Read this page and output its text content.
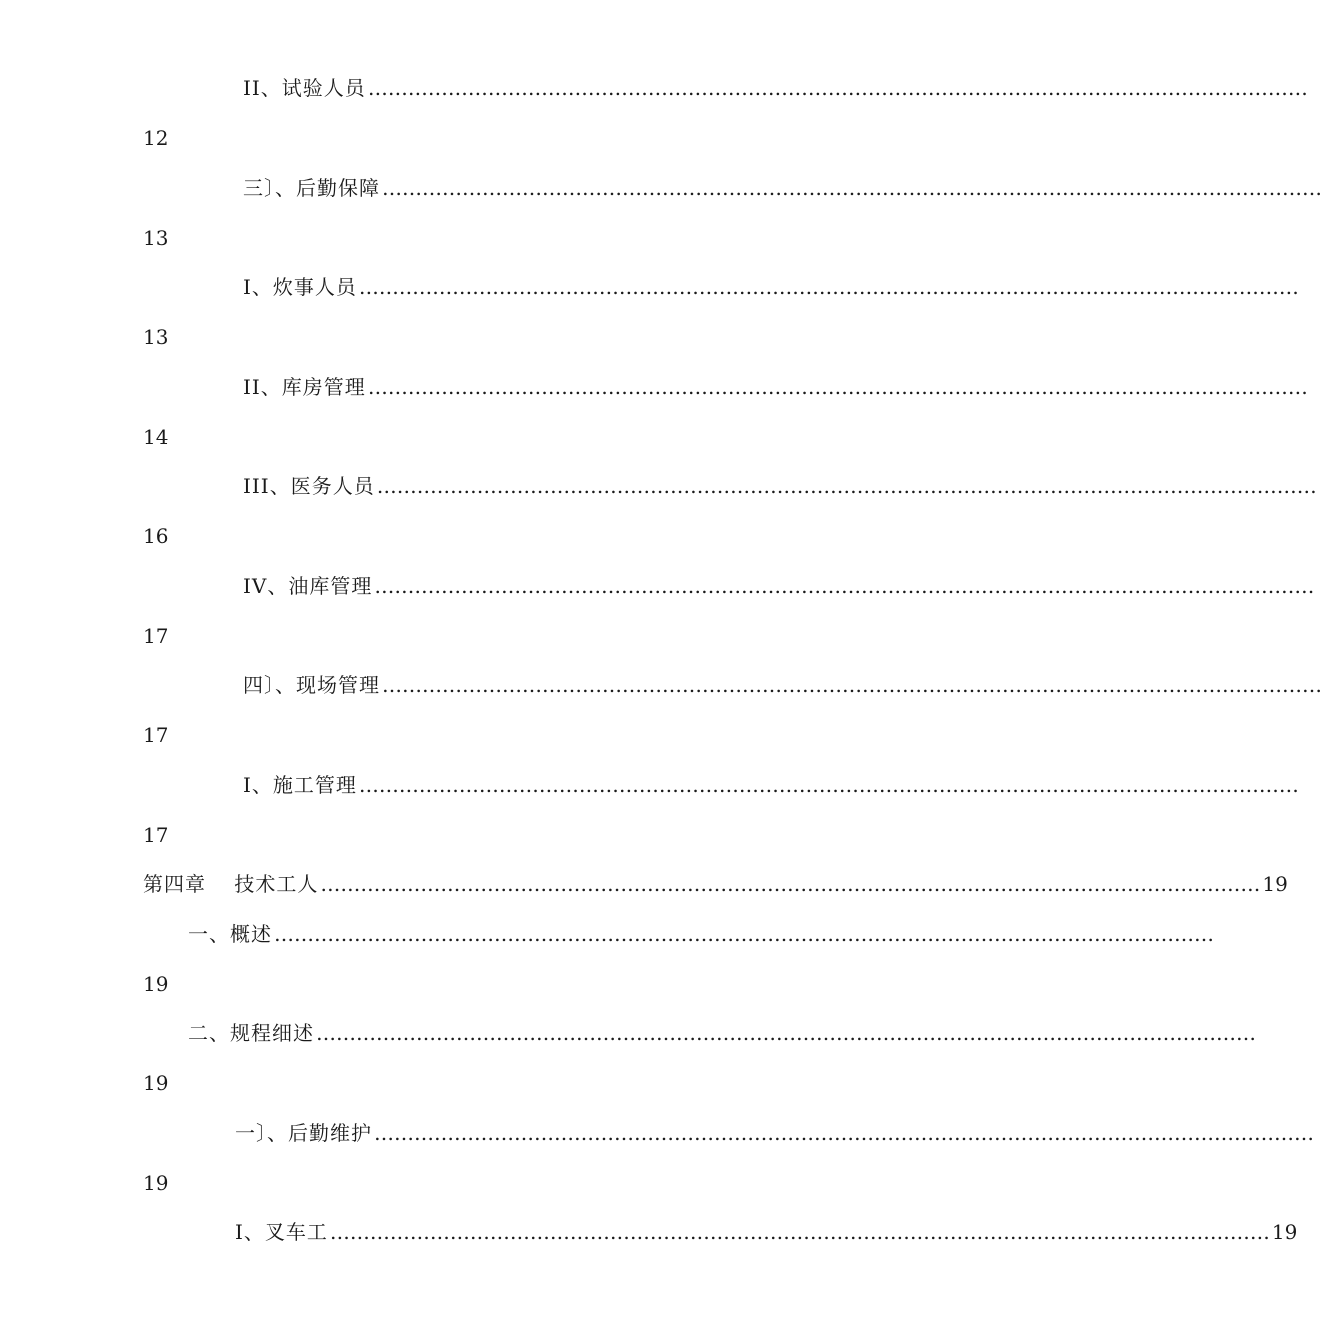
II、试验人员 ……………………………………………………………………………………………………………………………
12
三〕、后勤保障 ……………………………………………………………………………………………………………………………
13
I、炊事人员 ……………………………………………………………………………………………………………………………
13
II、库房管理 ……………………………………………………………………………………………………………………………
14
III、医务人员 ……………………………………………………………………………………………………………………………
16
IV、油库管理 ……………………………………………………………………………………………………………………………
17
四〕、现场管理 ……………………………………………………………………………………………………………………………
17
I、施工管理 ……………………………………………………………………………………………………………………………
17
第四章　 技术工人 …………………………………………………………………………………………………………………………… 19
一、概述 ……………………………………………………………………………………………………………………………
19
二、规程细述 ……………………………………………………………………………………………………………………………
19
一〕、后勤维护 ……………………………………………………………………………………………………………………………
19
I、叉车工 …………………………………………………………………………………………………………………………… 19
